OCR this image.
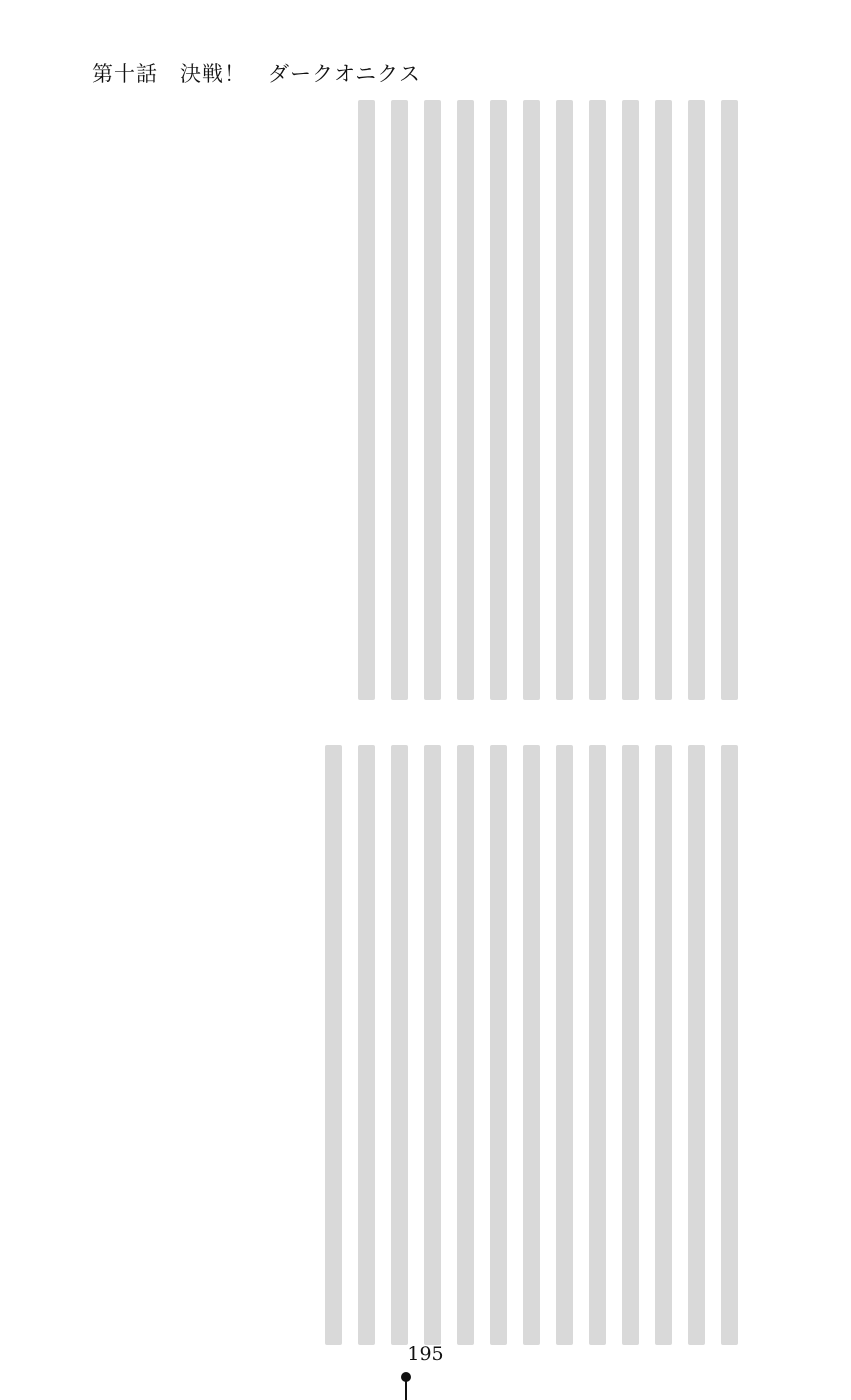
第十話　決戦！　ダークオニクス
195
